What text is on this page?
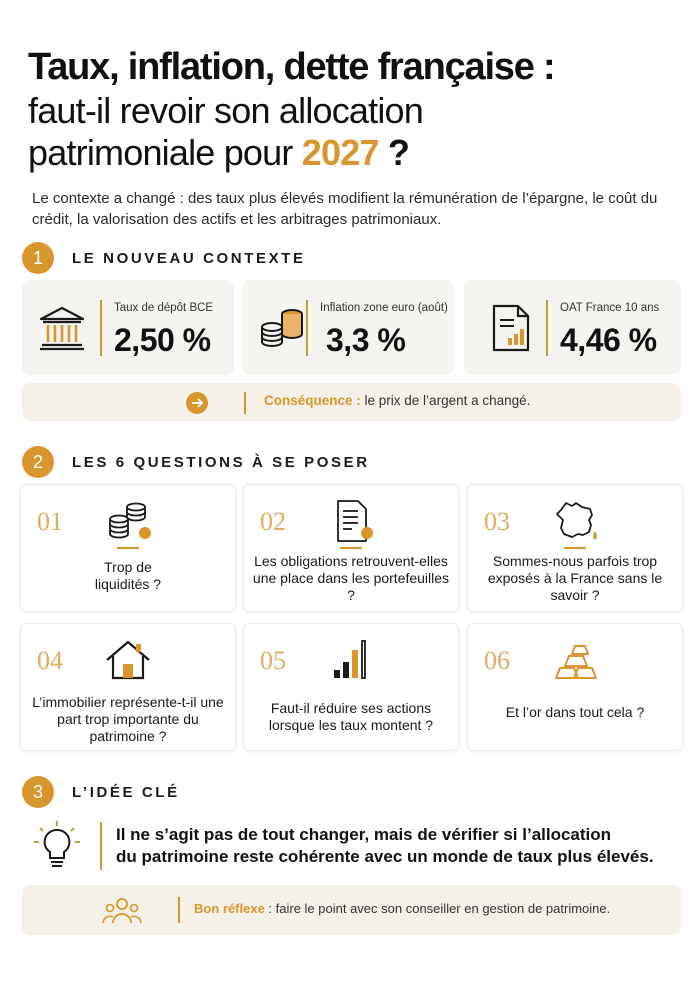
Taux, inflation, dette française :
faut-il revoir son allocation
patrimoniale pour 2027 ?
Le contexte a changé : des taux plus élevés modifient la rémunération de l’épargne, le coût du crédit, la valorisation des actifs et les arbitrages patrimoniaux.
1	LE NOUVEAU CONTEXTE
Taux de dépôt BCE
2,50 %
Inflation zone euro (août)
3,3 %
OAT France 10 ans
4,46 %
Conséquence : le prix de l’argent a changé.
2	LES 6 QUESTIONS À SE POSER
01
Trop de liquidités ?
02
Les obligations retrouvent-elles une place dans les portefeuilles ?
03
Sommes-nous parfois trop exposés à la France sans le savoir ?
04
L’immobilier représente-t-il une part trop importante du patrimoine ?
05
Faut-il réduire ses actions lorsque les taux montent ?
06
Et l’or dans tout cela ?
3	L’IDÉE CLÉ
Il ne s’agit pas de tout changer, mais de vérifier si l’allocation
du patrimoine reste cohérente avec un monde de taux plus élevés.
Bon réflexe : faire le point avec son conseiller en gestion de patrimoine.
